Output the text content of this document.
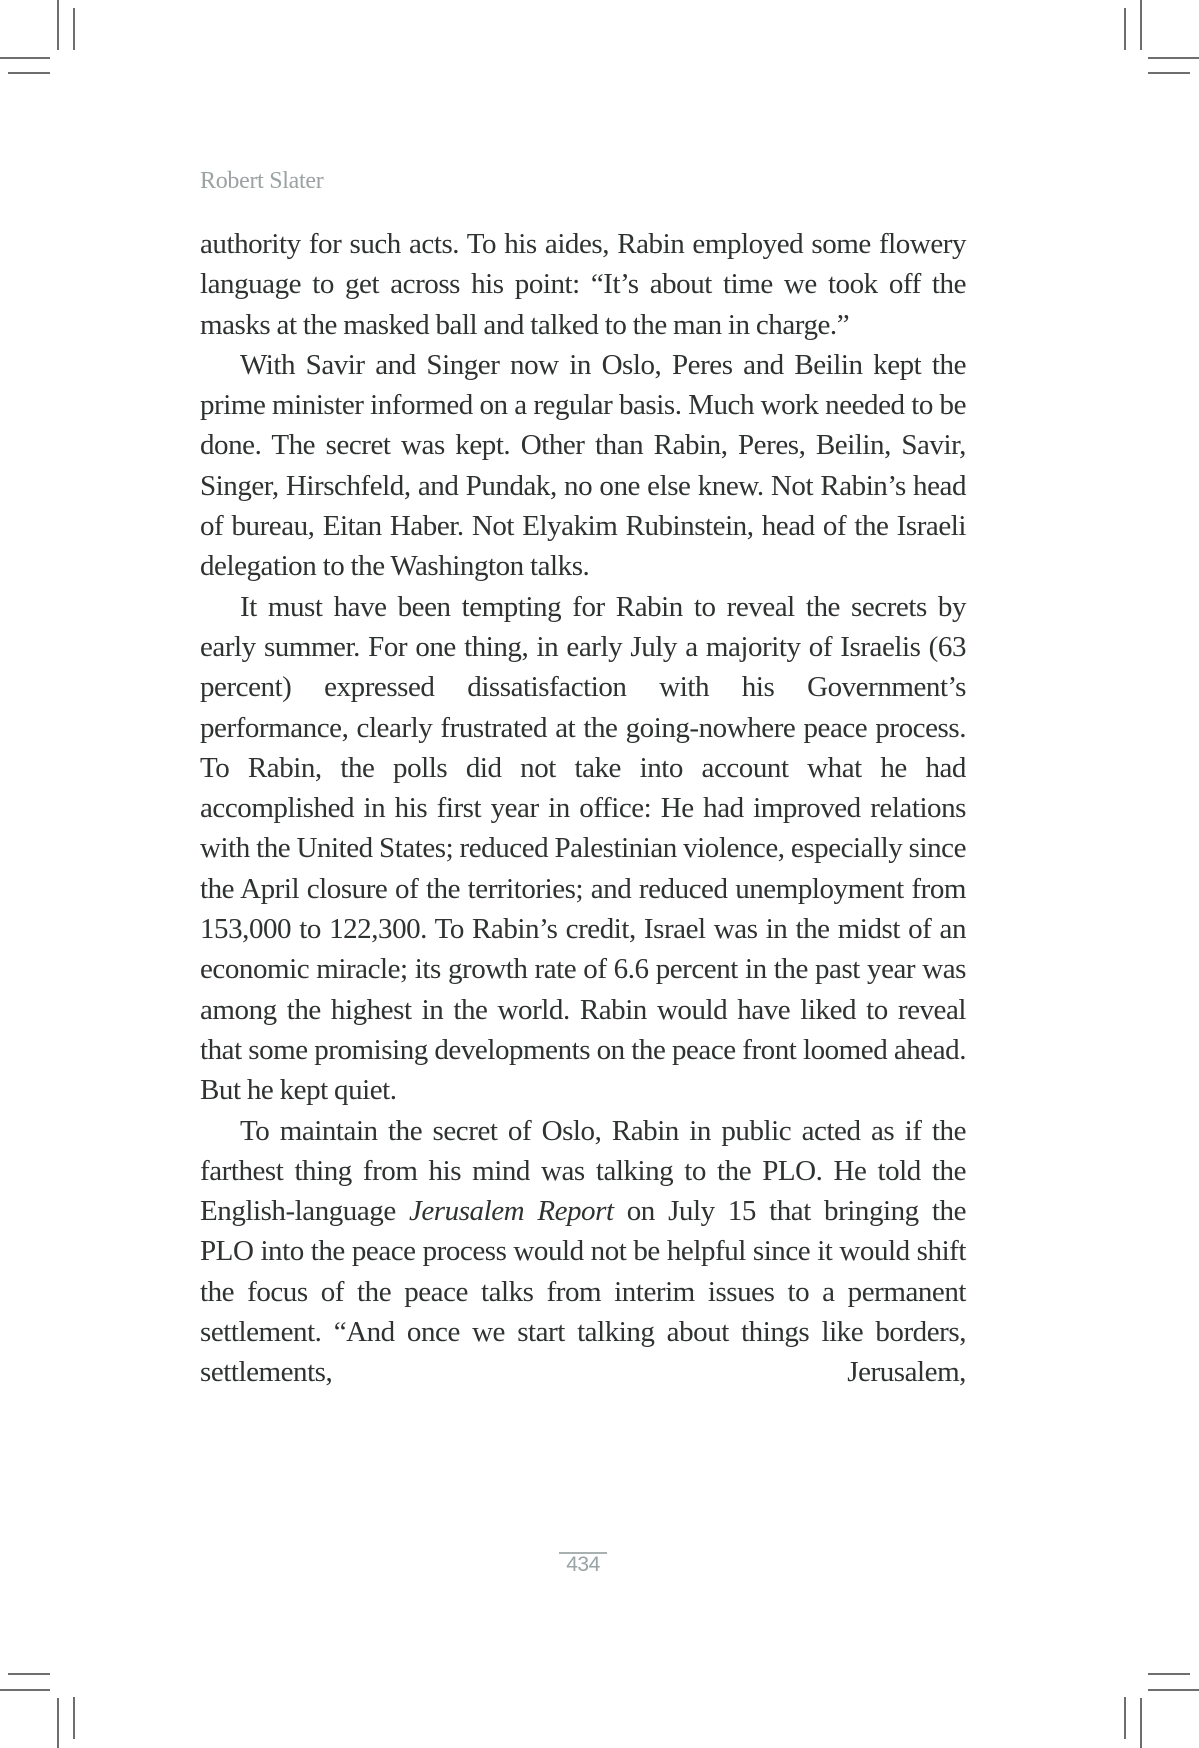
Robert Slater

authority for such acts. To his aides, Rabin employed some flowery language to get across his point: “It’s about time we took off the masks at the masked ball and talked to the man in charge.”

With Savir and Singer now in Oslo, Peres and Beilin kept the prime minister informed on a regular basis. Much work needed to be done. The secret was kept. Other than Rabin, Peres, Beilin, Savir, Singer, Hirschfeld, and Pundak, no one else knew. Not Rabin’s head of bureau, Eitan Haber. Not Elyakim Rubinstein, head of the Israeli delegation to the Washington talks.

It must have been tempting for Rabin to reveal the secrets by early summer. For one thing, in early July a majority of Israelis (63 percent) expressed dissatisfaction with his Government’s performance, clearly frustrated at the going-nowhere peace process. To Rabin, the polls did not take into account what he had accomplished in his first year in office: He had improved relations with the United States; reduced Palestinian violence, especially since the April closure of the territories; and reduced unemployment from 153,000 to 122,300. To Rabin’s credit, Israel was in the midst of an economic miracle; its growth rate of 6.6 percent in the past year was among the highest in the world. Rabin would have liked to reveal that some promising developments on the peace front loomed ahead. But he kept quiet.

To maintain the secret of Oslo, Rabin in public acted as if the farthest thing from his mind was talking to the PLO. He told the English-language Jerusalem Report on July 15 that bringing the PLO into the peace process would not be helpful since it would shift the focus of the peace talks from interim issues to a permanent settlement. “And once we start talking about things like borders, settlements, Jerusalem,

434
